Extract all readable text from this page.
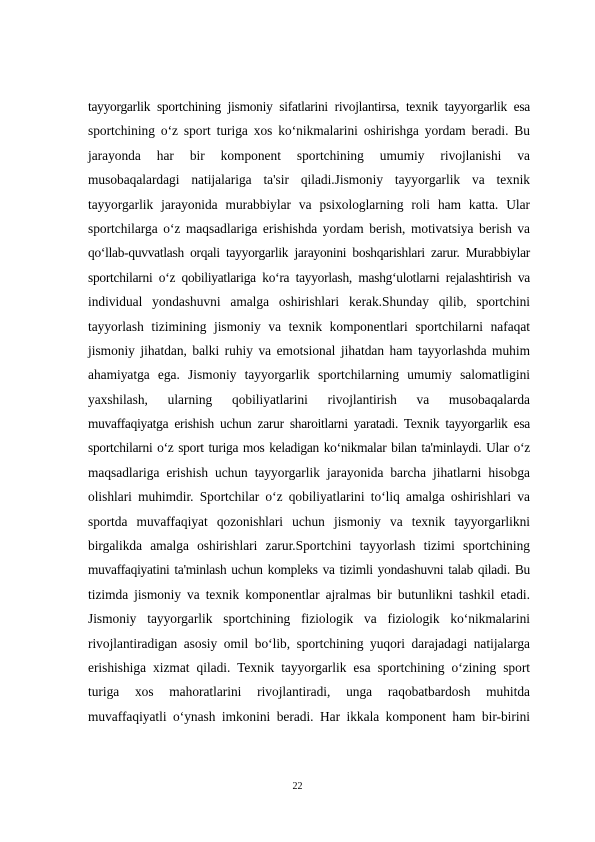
tayyorgarlik sportchining jismoniy sifatlarini rivojlantirsa, texnik tayyorgarlik esa
sportchining o‘z sport turiga xos ko‘nikmalarini oshirishga yordam beradi. Bu
jarayonda har bir komponent sportchining umumiy rivojlanishi va
musobaqalardagi natijalariga ta'sir qiladi.Jismoniy tayyorgarlik va texnik
tayyorgarlik jarayonida murabbiylar va psixologlarning roli ham katta. Ular
sportchilarga o‘z maqsadlariga erishishda yordam berish, motivatsiya berish va
qo‘llab-quvvatlash orqali tayyorgarlik jarayonini boshqarishlari zarur. Murabbiylar
sportchilarni o‘z qobiliyatlariga ko‘ra tayyorlash, mashg‘ulotlarni rejalashtirish va
individual yondashuvni amalga oshirishlari kerak.Shunday qilib, sportchini
tayyorlash tizimining jismoniy va texnik komponentlari sportchilarni nafaqat
jismoniy jihatdan, balki ruhiy va emotsional jihatdan ham tayyorlashda muhim
ahamiyatga ega. Jismoniy tayyorgarlik sportchilarning umumiy salomatligini
yaxshilash, ularning qobiliyatlarini rivojlantirish va musobaqalarda
muvaffaqiyatga erishish uchun zarur sharoitlarni yaratadi. Texnik tayyorgarlik esa
sportchilarni o‘z sport turiga mos keladigan ko‘nikmalar bilan ta'minlaydi. Ular o‘z
maqsadlariga erishish uchun tayyorgarlik jarayonida barcha jihatlarni hisobga
olishlari muhimdir. Sportchilar o‘z qobiliyatlarini to‘liq amalga oshirishlari va
sportda muvaffaqiyat qozonishlari uchun jismoniy va texnik tayyorgarlikni
birgalikda amalga oshirishlari zarur.Sportchini tayyorlash tizimi sportchining
muvaffaqiyatini ta'minlash uchun kompleks va tizimli yondashuvni talab qiladi. Bu
tizimda jismoniy va texnik komponentlar ajralmas bir butunlikni tashkil etadi.
Jismoniy tayyorgarlik sportchining fiziologik va fiziologik ko‘nikmalarini
rivojlantiradigan asosiy omil bo‘lib, sportchining yuqori darajadagi natijalarga
erishishiga xizmat qiladi. Texnik tayyorgarlik esa sportchining o‘zining sport
turiga xos mahoratlarini rivojlantiradi, unga raqobatbardosh muhitda
muvaffaqiyatli o‘ynash imkonini beradi. Har ikkala komponent ham bir-birini
22
